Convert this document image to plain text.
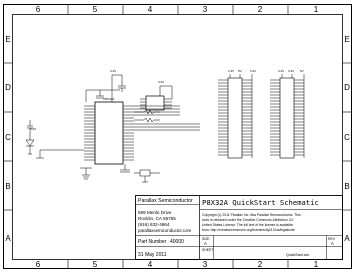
6	5	4	3	2	1
6	5	4	3	2	1
E
D
C
B
A
E
D
C
B
A
3.3V
3.3V
3.3V
3.3V 5V	3.3V	3.3V 3.3V 5V
P8X32A
Parallax Semiconductor
599 Menlo Drive
Rocklin, CA 95765
(916) 632-4664
parallaxsemiconductor.com
P8X32A QuickStart Schematic
Copyright (c) 2011 Parallax Inc. dba Parallax Semiconductor. This
work is released under the Creative Commons Attribution 3.0
United States License. The full text of the license is available
from: http://creativecommons.org/licenses/by/3.0/us/legalcode
Part Number 40000
31 May 2011
SIZE
A
REV
A
SHEET
QuickStart.sch
